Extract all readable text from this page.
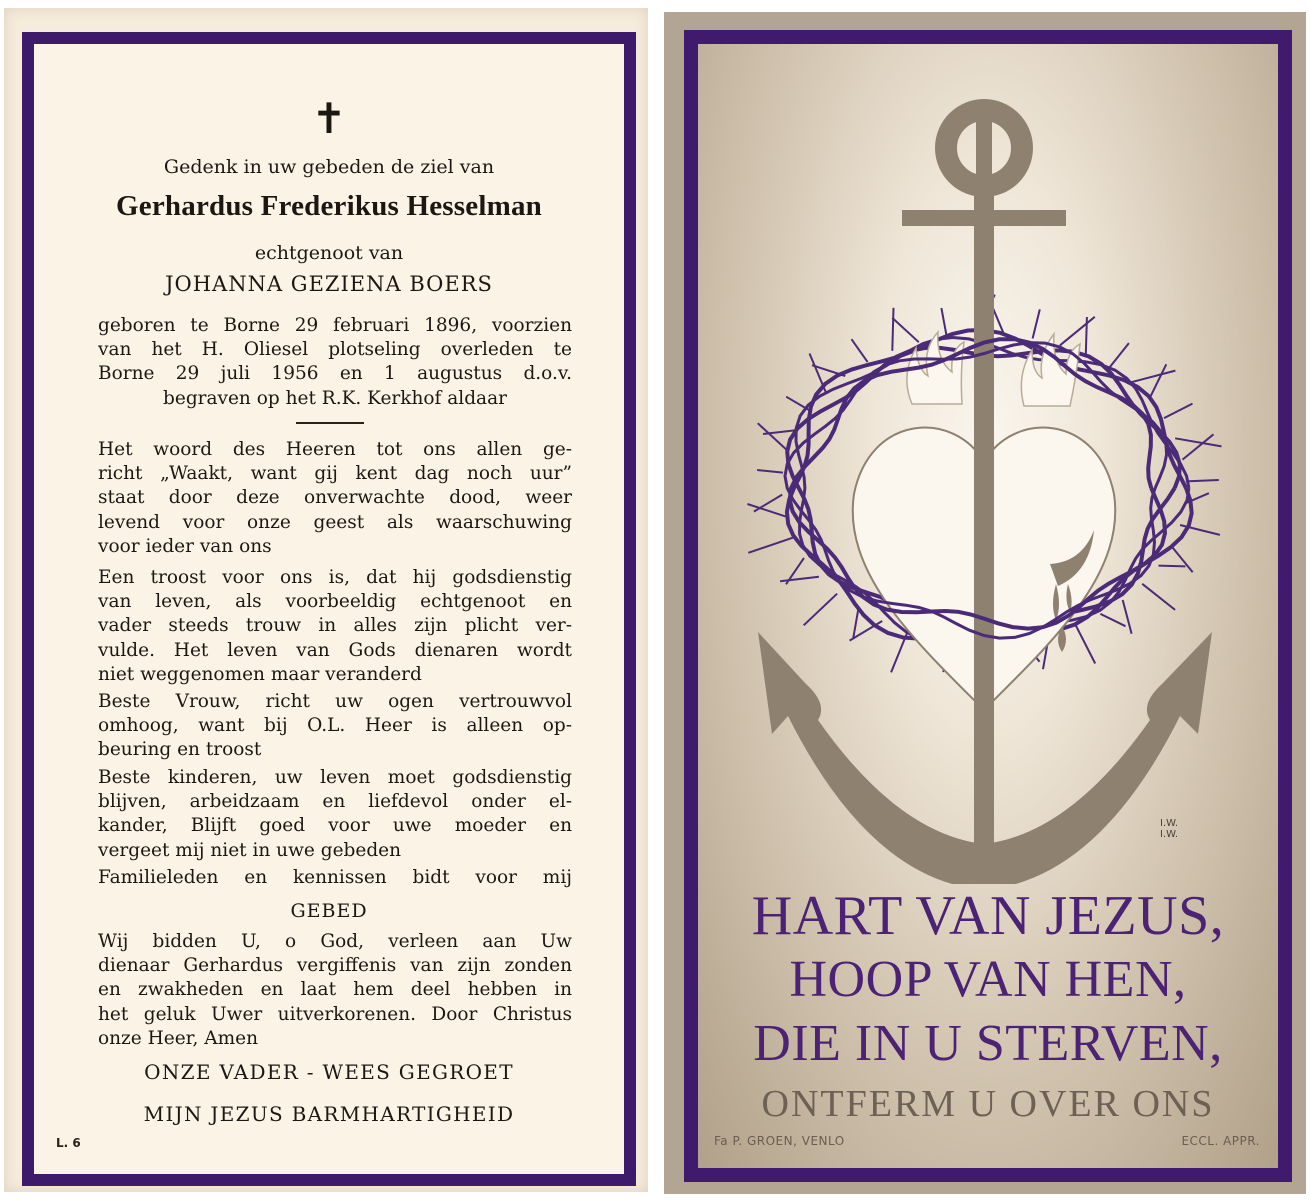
✝
Gedenk in uw gebeden de ziel van
Gerhardus Frederikus Hesselman
echtgenoot van
JOHANNA GEZIENA BOERS
geboren te Borne 29 februari 1896, voorzien
van het H. Oliesel plotseling overleden te
Borne 29 juli 1956 en 1 augustus d.o.v.
begraven op het R.K. Kerkhof aldaar
Het woord des Heeren tot ons allen ge-
richt „Waakt, want gij kent dag noch uur”
staat door deze onverwachte dood, weer
levend voor onze geest als waarschuwing
voor ieder van ons
Een troost voor ons is, dat hij godsdienstig
van leven, als voorbeeldig echtgenoot en
vader steeds trouw in alles zijn plicht ver-
vulde. Het leven van Gods dienaren wordt
niet weggenomen maar veranderd
Beste Vrouw, richt uw ogen vertrouwvol
omhoog, want bij O.L. Heer is alleen op-
beuring en troost
Beste kinderen, uw leven moet godsdienstig
blijven, arbeidzaam en liefdevol onder el-
kander, Blijft goed voor uwe moeder en
vergeet mij niet in uwe gebeden
Familieleden en kennissen bidt voor mij
GEBED
Wij bidden U, o God, verleen aan Uw
dienaar Gerhardus vergiffenis van zijn zonden
en zwakheden en laat hem deel hebben in
het geluk Uwer uitverkorenen. Door Christus
onze Heer, Amen
ONZE VADER - WEES GEGROET
MIJN JEZUS BARMHARTIGHEID
L. 6
I.W.
I.W.
HART VAN JEZUS,
HOOP VAN HEN,
DIE IN U STERVEN,
ONTFERM U OVER ONS
Fa P. GROEN, VENLO	ECCL. APPR.
